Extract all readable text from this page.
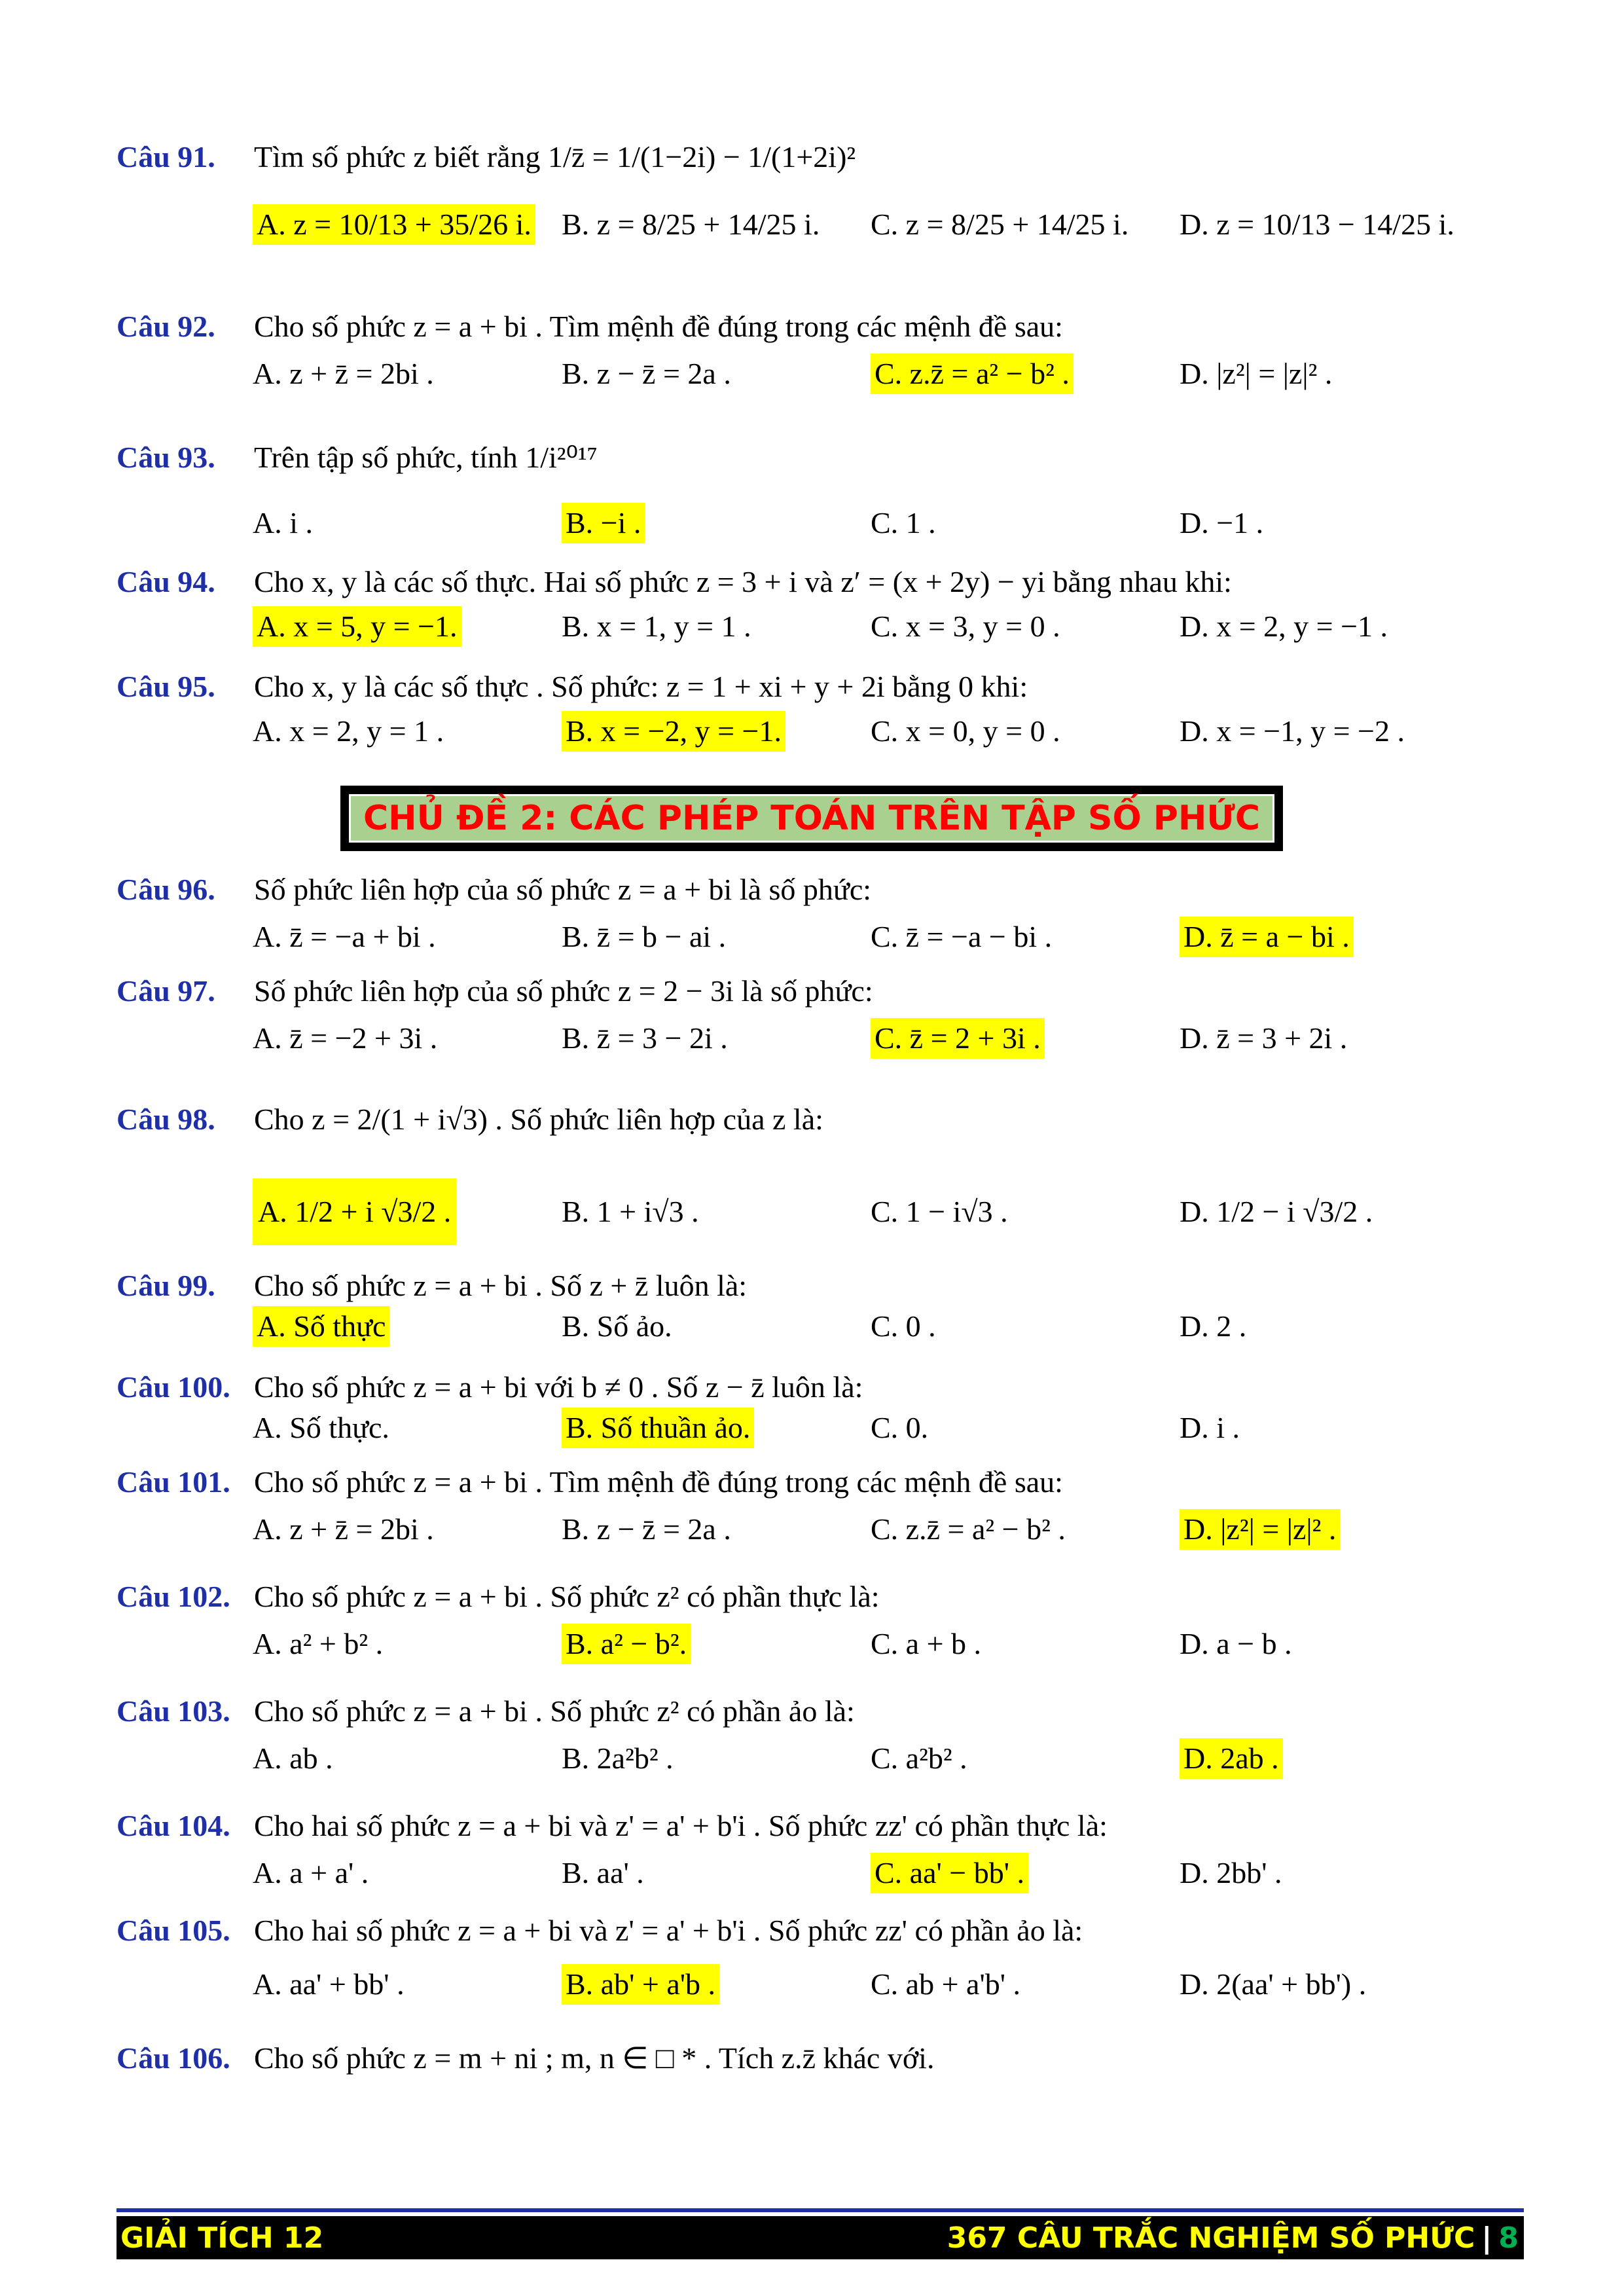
Câu 91.	Tìm số phức z biết rằng 1/z̄ = 1/(1−2i) − 1/(1+2i)²
A. z = 10/13 + 35/26 i. B. z = 8/25 + 14/25 i.	C. z = 8/25 + 14/25 i.	D. z = 10/13 − 14/25 i.
Câu 92.	Cho số phức z = a + bi . Tìm mệnh đề đúng trong các mệnh đề sau:
A. z + z̄ = 2bi .	B. z − z̄ = 2a .	C. z.z̄ = a² − b² .	D. |z²| = |z|² .
Câu 93.	Trên tập số phức, tính 1/i²⁰¹⁷
A. i .	B. −i .	C. 1 .	D. −1 .
Câu 94.	Cho x, y là các số thực. Hai số phức z = 3 + i và z′ = (x + 2y) − yi bằng nhau khi:
A. x = 5, y = −1.	B. x = 1, y = 1 .	C. x = 3, y = 0 .	D. x = 2, y = −1 .
Câu 95.	Cho x, y là các số thực . Số phức: z = 1 + xi + y + 2i bằng 0 khi:
A. x = 2, y = 1 .	B. x = −2, y = −1.	C. x = 0, y = 0 .	D. x = −1, y = −2 .
CHỦ ĐỀ 2: CÁC PHÉP TOÁN TRÊN TẬP SỐ PHỨC
Câu 96.	Số phức liên hợp của số phức z = a + bi là số phức:
A. z̄ = −a + bi .	B. z̄ = b − ai .	C. z̄ = −a − bi .	D. z̄ = a − bi .
Câu 97.	Số phức liên hợp của số phức z = 2 − 3i là số phức:
A. z̄ = −2 + 3i .	B. z̄ = 3 − 2i .	C. z̄ = 2 + 3i .	D. z̄ = 3 + 2i .
Câu 98.	Cho z = 2/(1 + i√3) . Số phức liên hợp của z là:
A. 1/2 + i √3/2 .	B. 1 + i√3 .	C. 1 − i√3 .	D. 1/2 − i √3/2 .
Câu 99.	Cho số phức z = a + bi . Số z + z̄ luôn là:
A. Số thực	B. Số ảo.	C. 0 .	D. 2 .
Câu 100. Cho số phức z = a + bi với b ≠ 0 . Số z − z̄ luôn là:
A. Số thực.	B. Số thuần ảo.	C. 0.	D. i .
Câu 101. Cho số phức z = a + bi . Tìm mệnh đề đúng trong các mệnh đề sau:
A. z + z̄ = 2bi .	B. z − z̄ = 2a .	C. z.z̄ = a² − b² .	D. |z²| = |z|² .
Câu 102. Cho số phức z = a + bi . Số phức z² có phần thực là:
A. a² + b² .	B. a² − b².	C. a + b .	D. a − b .
Câu 103. Cho số phức z = a + bi . Số phức z² có phần ảo là:
A. ab .	B. 2a²b² .	C. a²b² .	D. 2ab .
Câu 104. Cho hai số phức z = a + bi và z' = a' + b'i . Số phức zz' có phần thực là:
A. a + a' .	B. aa' .	C. aa' − bb' .	D. 2bb' .
Câu 105. Cho hai số phức z = a + bi và z' = a' + b'i . Số phức zz' có phần ảo là:
A. aa' + bb' .	B. ab' + a'b .	C. ab + a'b' .	D. 2(aa' + bb') .
Câu 106. Cho số phức z = m + ni ; m, n ∈ □ * . Tích z.z̄ khác với.
GIẢI TÍCH 12	367 CÂU TRẮC NGHIỆM SỐ PHỨC | 8
